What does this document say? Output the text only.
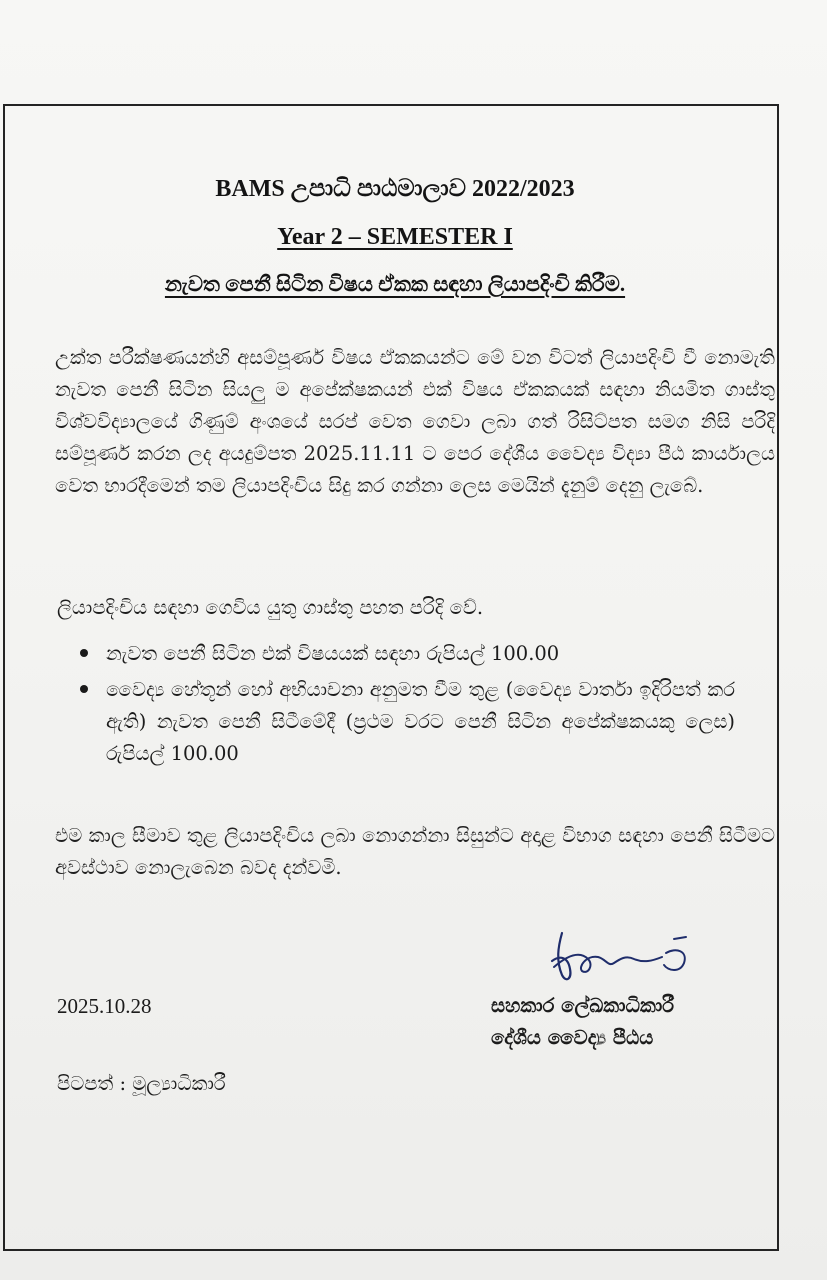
BAMS උපාධි පාඨමාලාව 2022/2023
Year 2 – SEMESTER I
නැවත පෙනී සිටින විෂය ඒකක සඳහා ලියාපදිංචි කිරීම.
උක්ත පරීක්ෂණයන්හි අසම්පූර්ණ විෂය ඒකකයන්ට මේ වන විටත් ලියාපදිංචි වී නොමැති නැවත පෙනී සිටින සියලු ම අපේක්ෂකයන් එක් විෂය ඒකකයක් සඳහා නියමිත ගාස්තු විශ්වවිද්‍යාලයේ ගිණුම් අංශයේ සරප් වෙත ගෙවා ලබා ගත් රිසිට්පත සමග නිසි පරිදි සම්පූර්ණ කරන ලද අයදුම්පත 2025.11.11 ට පෙර දේශීය වෛද්‍ය විද්‍යා පීඨ කාර්යාලය වෙත භාරදීමෙන් තම ලියාපදිංචිය සිදු කර ගන්නා ලෙස මෙයින් දැනුම් දෙනු ලැබේ.
ලියාපදිංචිය සඳහා ගෙවිය යුතු ගාස්තු පහත පරිදි වේ.
නැවත පෙනී සිටින එක් විෂයයක් සඳහා රුපියල් 100.00
වෛද්‍ය හේතූන් හෝ අභියාචනා අනුමත වීම තුළ (වෛද්‍ය වාර්තා ඉදිරිපත් කර ඇති) නැවත පෙනී සිටීමේදී (ප්‍රථම වරට පෙනී සිටින අපේක්ෂකයකු ලෙස) රුපියල් 100.00
එම කාල සීමාව තුළ ලියාපදිංචිය ලබා නොගන්නා සිසුන්ට අදාළ විභාග සඳහා පෙනී සිටීමට අවස්ථාව නොලැබෙන බවද දන්වමි.
2025.10.28	සහකාර ලේඛකාධිකාරී
දේශීය වෛද්‍ය පීඨය
පිටපත් : මූල්‍යාධිකාරී
